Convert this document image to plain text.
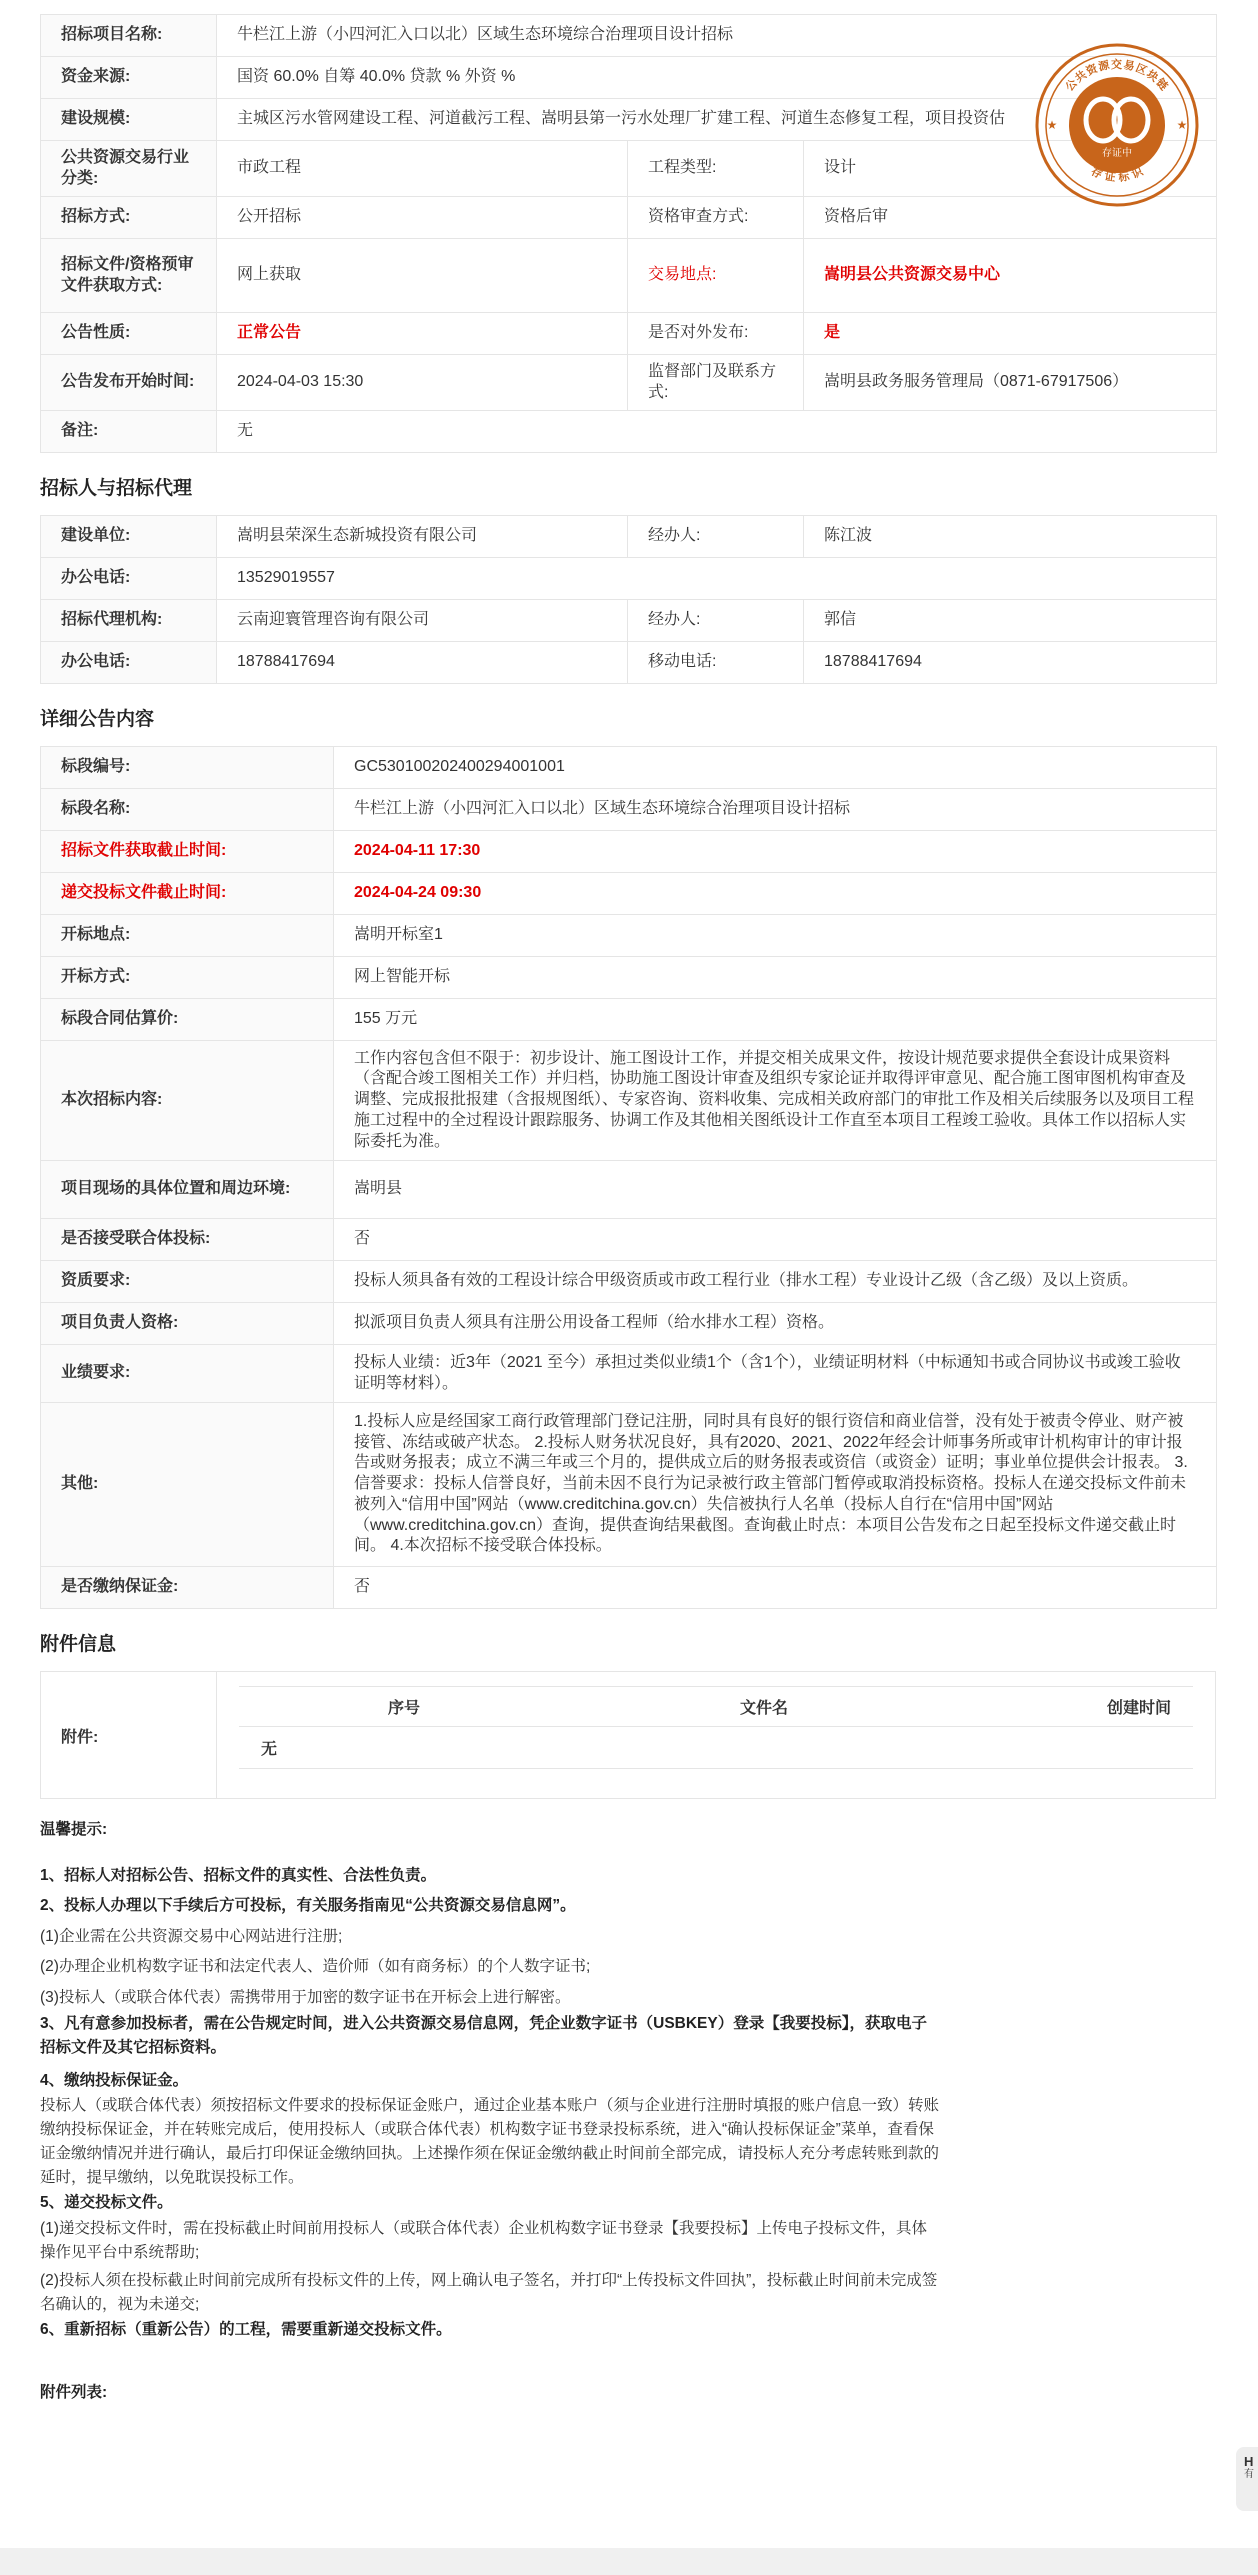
招标项目名称:	牛栏江上游（小四河汇入口以北）区域生态环境综合治理项目设计招标		
资金来源:	国资 60.0% 自筹 40.0% 贷款 % 外资 %		
建设规模:	主城区污水管网建设工程、河道截污工程、嵩明县第一污水处理厂扩建工程、河道生态修复工程，项目投资估		
公共资源交易行业分类:	市政工程	工程类型:	设计
招标方式:	公开招标	资格审查方式:	资格后审
招标文件/资格预审文件获取方式:	网上获取	交易地点:	嵩明县公共资源交易中心
公告性质:	正常公告	是否对外发布:	是
公告发布开始时间:	2024-04-03 15:30	监督部门及联系方式:	嵩明县政务服务管理局（0871-67917506）
备注:	无		
招标人与招标代理
建设单位:	嵩明县荣深生态新城投资有限公司	经办人:	陈江波
办公电话:	13529019557		
招标代理机构:	云南迎寰管理咨询有限公司	经办人:	郭信
办公电话:	18788417694	移动电话:	18788417694
详细公告内容
标段编号:	GC5301002024002940010​01
标段名称:	牛栏江上游（小四河汇入口以北）区域生态环境综合治理项目设计招标
招标文件获取截止时间:	2024-04-11 17:30
递交投标文件截止时间:	2024-04-24 09:30
开标地点:	嵩明开标室1
开标方式:	网上智能开标
标段合同估算价:	155 万元
本次招标内容:	工作内容包含但不限于：初步设计、施工图设计工作，并提交相关成果文件，按设计规范要求提供全套设计成果资料（含配合竣工图相关工作）并归档，协助施工图设计审查及组织专家论证并取得评审意见、配合施工图审图机构审查及调整、完成报批报建（含报规图纸）、专家咨询、资料收集、完成相关政府部门的审批工作及相关后续服务以及项目工程施工过程中的全过程设计跟踪服务、协调工作及其他相关图纸设计工作直至本项目工程竣工验收。具体工作以招标人实际委托为准。
项目现场的具体位置和周边环境:	嵩明县
是否接受联合体投标:	否
资质要求:	投标人须具备有效的工程设计综合甲级资质或市政工程行业（排水工程）专业设计乙级（含乙级）及以上资质。
项目负责人资格:	拟派项目负责人须具有注册公用设备工程师（给水排水工程）资格。
业绩要求:	投标人业绩：近3年（2021 至今）承担过类似业绩1个（含1个），业绩证明材料（中标通知书或合同协议书或竣工验收证明等材料）。
其他:	1.投标人应是经国家工商行政管理部门登记注册，同时具有良好的银行资信和商业信誉，没有处于被责令停业、财产被接管、冻结或破产状态。 2.投标人财务状况良好，具有2020、2021、2022年经会计师事务所或审计机构审计的审计报告或财务报表；成立不满三年或三个月的，提供成立后的财务报表或资信（或资金）证明；事业单位提供会计报表。 3.信誉要求：投标人信誉良好，当前未因不良行为记录被行政主管部门暂停或取消投标资格。投标人在递交投标文件前未被列入“信用中国”网站（www.creditchina.gov.cn）失信被执行人名单（投标人自行在“信用中国”网站（www.creditchina.gov.cn）查询，提供查询结果截图。查询截止时点：本项目公告发布之日起至投标文件递交截止时间。 4.本次招标不接受联合体投标。
是否缴纳保证金:	否
附件信息
附件:
序号	文件名	创建时间
无

温馨提示:

1、招标人对招标公告、招标文件的真实性、合法性负责。

2、投标人办理以下手续后方可投标，有关服务指南见“公共资源交易信息网”。

(1)企业需在公共资源交易中心网站进行注册;

(2)办理企业机构数字证书和法定代表人、造价师（如有商务标）的个人数字证书;

(3)投标人（或联合体代表）需携带用于加密的数字证书在开标会上进行解密。

3、凡有意参加投标者，需在公告规定时间，进入公共资源交易信息网，凭企业数字证书（USBKEY）登录【我要投标】，获取电子招标文件及其它招标资料。

4、缴纳投标保证金。

投标人（或联合体代表）须按招标文件要求的投标保证金账户，通过企业基本账户（须与企业进行注册时填报的账户信息一致）转账缴纳投标保证金，并在转账完成后，使用投标人（或联合体代表）机构数字证书登录投标系统，进入“确认投标保证金”菜单，查看保证金缴纳情况并进行确认，最后打印保证金缴纳回执。上述操作须在保证金缴纳截止时间前全部完成，请投标人充分考虑转账到款的延时，提早缴纳，以免耽误投标工作。

5、递交投标文件。

(1)递交投标文件时，需在投标截止时间前用投标人（或联合体代表）企业机构数字证书登录【我要投标】上传电子投标文件，具体操作见平台中系统帮助;

(2)投标人须在投标截止时间前完成所有投标文件的上传，网上确认电子签名，并打印“上传投标文件回执”，投标截止时间前未完成签名确认的，视为未递交;

6、重新招标（重新公告）的工程，需要重新递交投标文件。

附件列表:

存证中
公共资源交易区块链
存 证 标 识
★	★
H
有
